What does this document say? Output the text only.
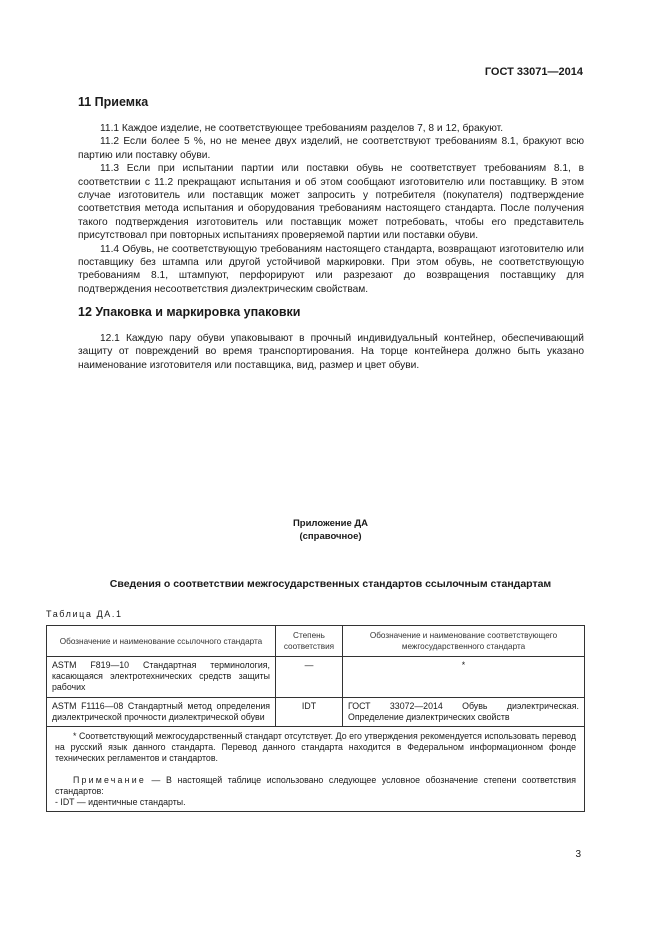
ГОСТ 33071—2014
11 Приемка

11.1 Каждое изделие, не соответствующее требованиям разделов 7, 8 и 12, бракуют.

11.2 Если более 5 %, но не менее двух изделий, не соответствуют требованиям 8.1, бракуют всю партию или поставку обуви.

11.3 Если при испытании партии или поставки обувь не соответствует требованиям 8.1, в соответствии с 11.2 прекращают испытания и об этом сообщают изготовителю или поставщику. В этом случае изготовитель или поставщик может запросить у потребителя (покупателя) подтверждение соответствия метода испытания и оборудования требованиям настоящего стандарта. После получения такого подтверждения изготовитель или поставщик может потребовать, чтобы его представитель присутствовал при повторных испытаниях проверяемой партии или поставки обуви.

11.4 Обувь, не соответствующую требованиям настоящего стандарта, возвращают изготовителю или поставщику без штампа или другой устойчивой маркировки. При этом обувь, не соответствующую требованиям 8.1, штампуют, перфорируют или разрезают до возвращения поставщику для подтверждения несоответствия диэлектрическим свойствам.

12 Упаковка и маркировка упаковки

12.1 Каждую пару обуви упаковывают в прочный индивидуальный контейнер, обеспечивающий защиту от повреждений во время транспортирования. На торце контейнера должно быть указано наименование изготовителя или поставщика, вид, размер и цвет обуви.

Приложение ДА
(справочное)
Сведения о соответствии межгосударственных стандартов ссылочным стандартам
Таблица ДА.1
Обозначение и наименование ссылочного стандарта	Степень соответствия	Обозначение и наименование соответствующего межгосударственного стандарта
ASTM F819—10 Стандартная терминология, касающаяся электротехнических средств защиты рабочих	—	*
ASTM F1116—08 Стандартный метод определения диэлектрической прочности диэлектрической обуви	IDT	ГОСТ 33072—2014 Обувь диэлектрическая. Определение диэлектрических свойств

* Соответствующий межгосударственный стандарт отсутствует. До его утверждения рекомендуется использовать перевод на русский язык данного стандарта. Перевод данного стандарта находится в Федеральном информационном фонде технических регламентов и стандартов.

Примечание — В настоящей таблице использовано следующее условное обозначение степени соответствия стандартов:

- IDT — идентичные стандарты.		

3
